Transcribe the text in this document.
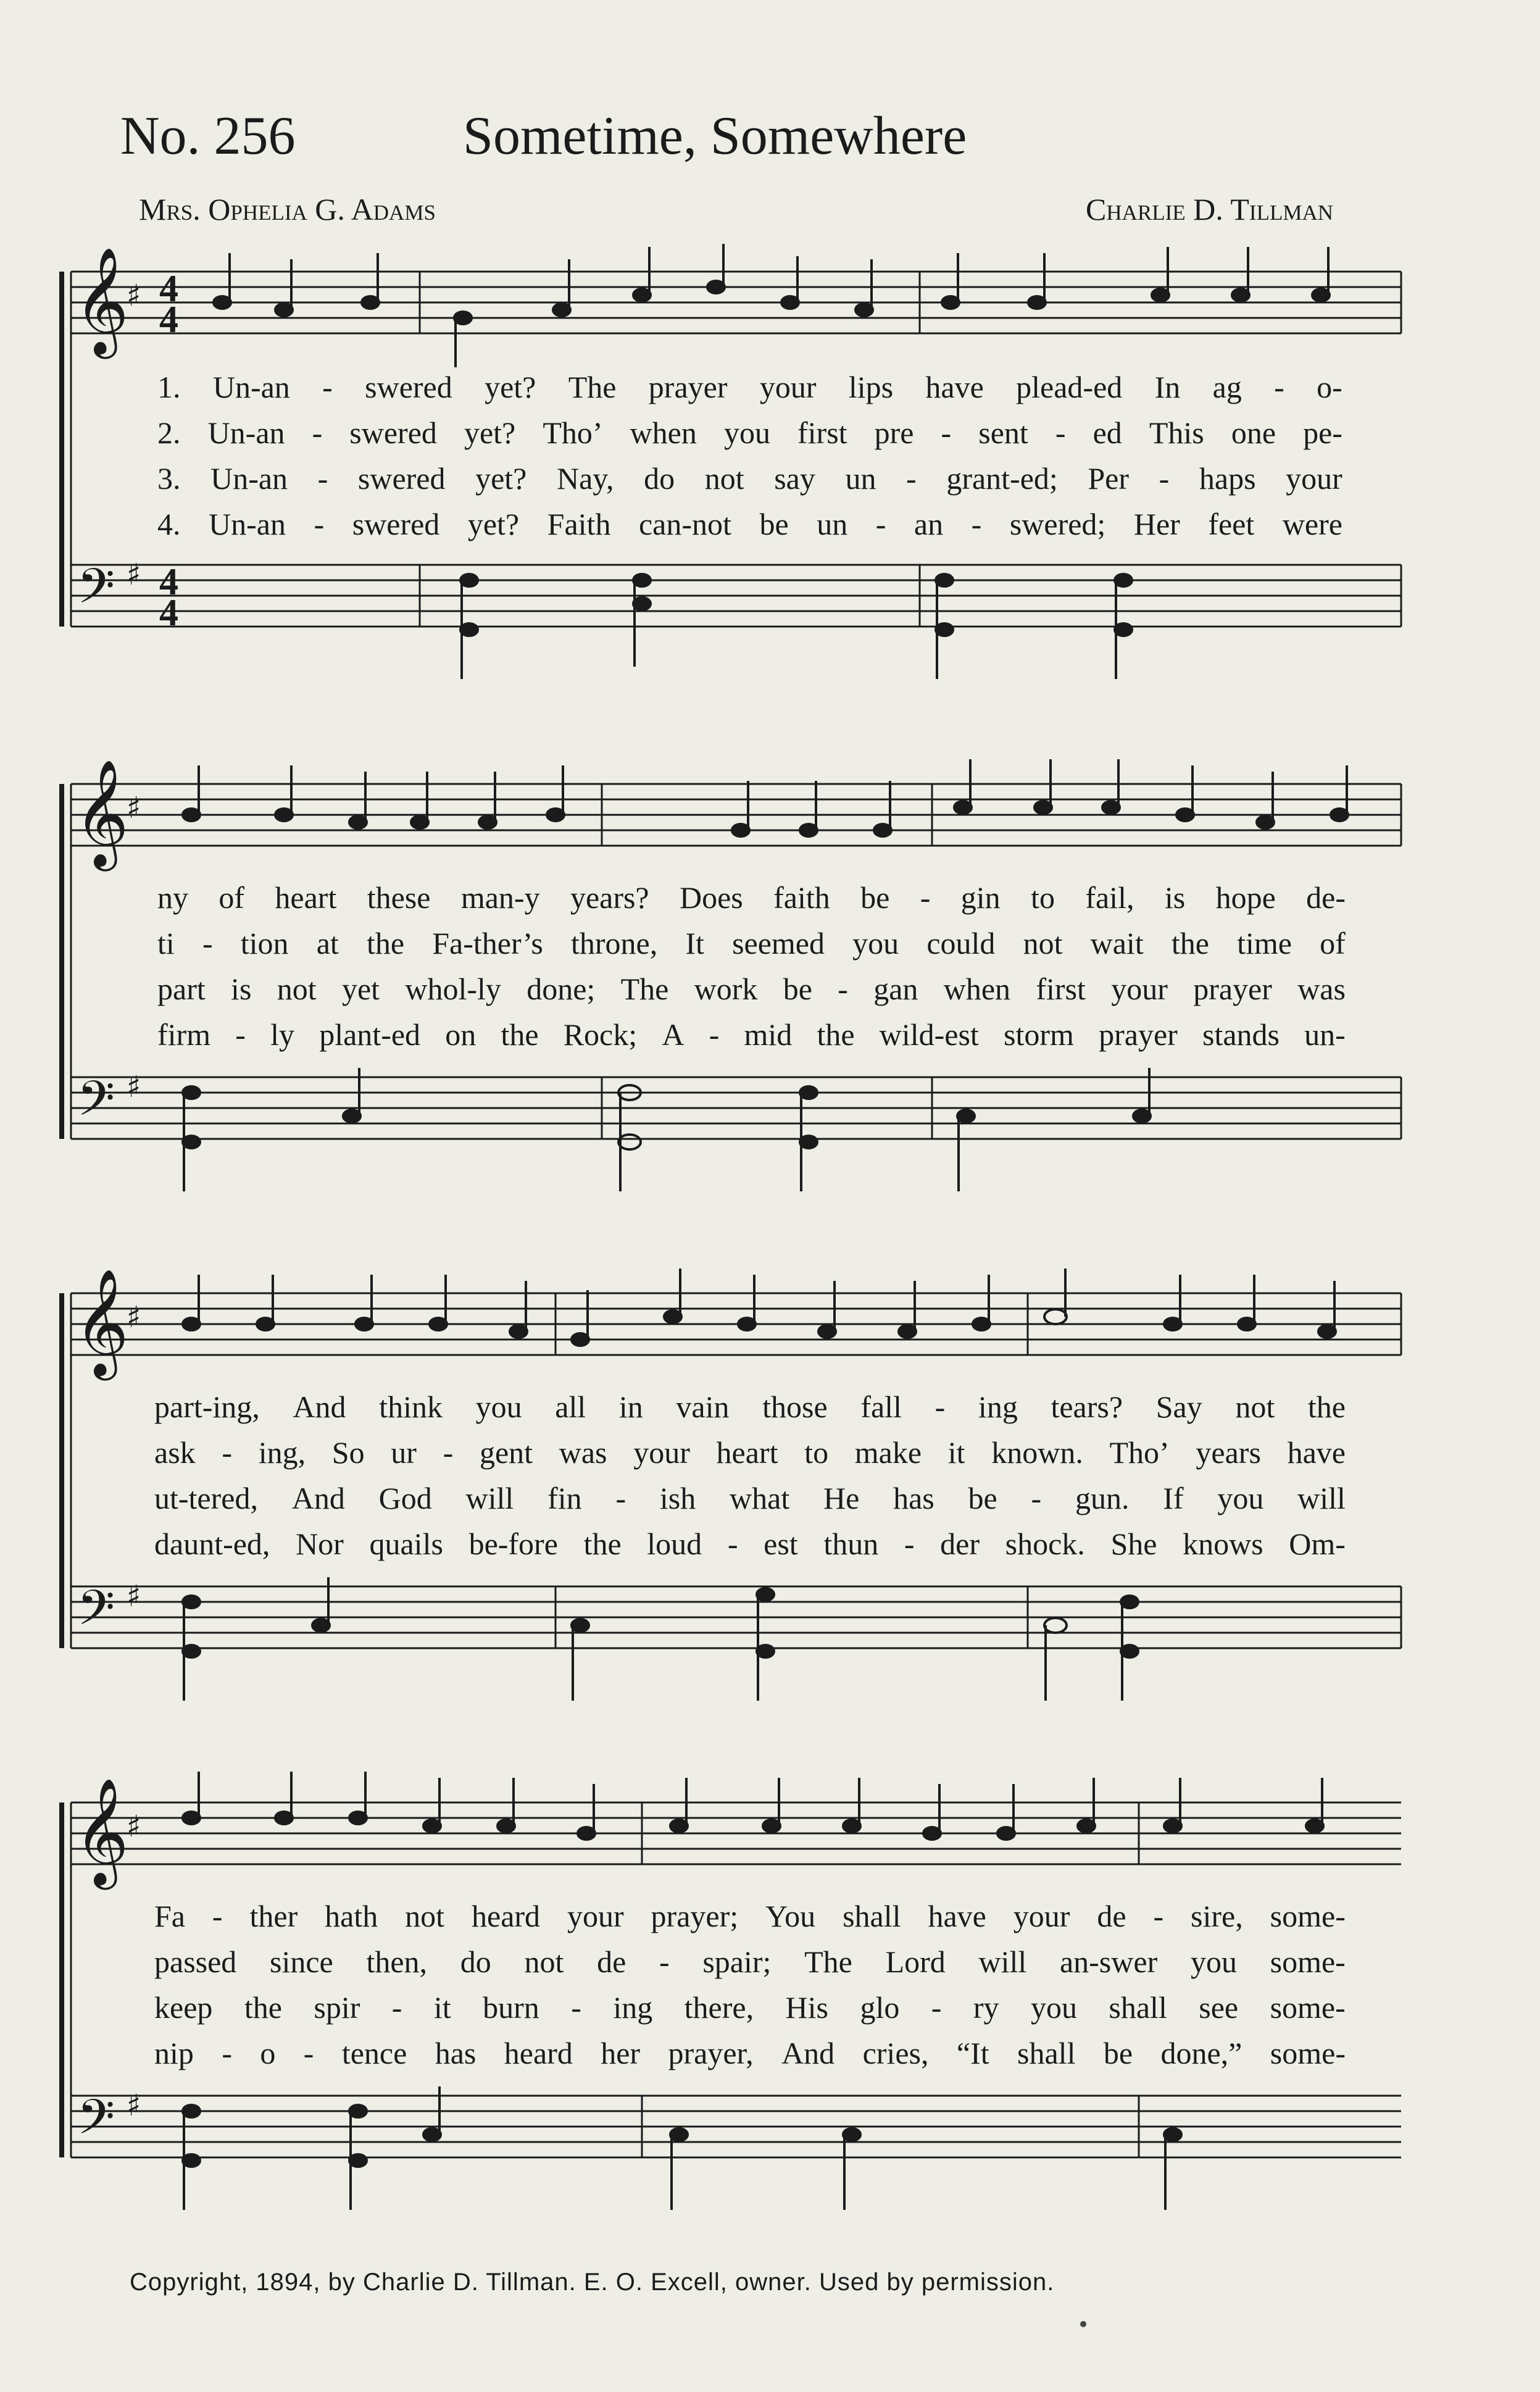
No. 256	Sometime, Somewhere
Mrs. Ophelia G. Adams	Charlie D. Tillman
𝄞
𝄢
♯
♯
4
4
4
4
1. Un-an - swered yet? The prayer your lips have plead-ed In ag - o-
2. Un-an - swered yet? Tho’ when you first pre - sent - ed This one pe-
3. Un-an - swered yet? Nay, do not say un - grant-ed; Per - haps your
4. Un-an - swered yet? Faith can-not be un - an - swered; Her feet were
𝄞
𝄢
♯
♯
ny of heart these man-y years? Does faith be - gin to fail, is hope de-
ti - tion at the Fa-ther’s throne, It seemed you could not wait the time of
part is not yet whol-ly done; The work be - gan when first your prayer was
firm - ly plant-ed on the Rock; A - mid the wild-est storm prayer stands un-
𝄞
𝄢
♯
♯
part-ing, And think you all in vain those fall - ing tears? Say not the
ask - ing, So ur - gent was your heart to make it known. Tho’ years have
ut-tered, And God will fin - ish what He has be - gun. If you will
daunt-ed, Nor quails be-fore the loud - est thun - der shock. She knows Om-
𝄞
𝄢
♯
♯
Fa - ther hath not heard your prayer; You shall have your de - sire, some-
passed since then, do not de - spair; The Lord will an-swer you some-
keep the spir - it burn - ing there, His glo - ry you shall see some-
nip - o - tence has heard her prayer, And cries, “It shall be done,” some-
Copyright, 1894, by Charlie D. Tillman. E. O. Excell, owner. Used by permission.
